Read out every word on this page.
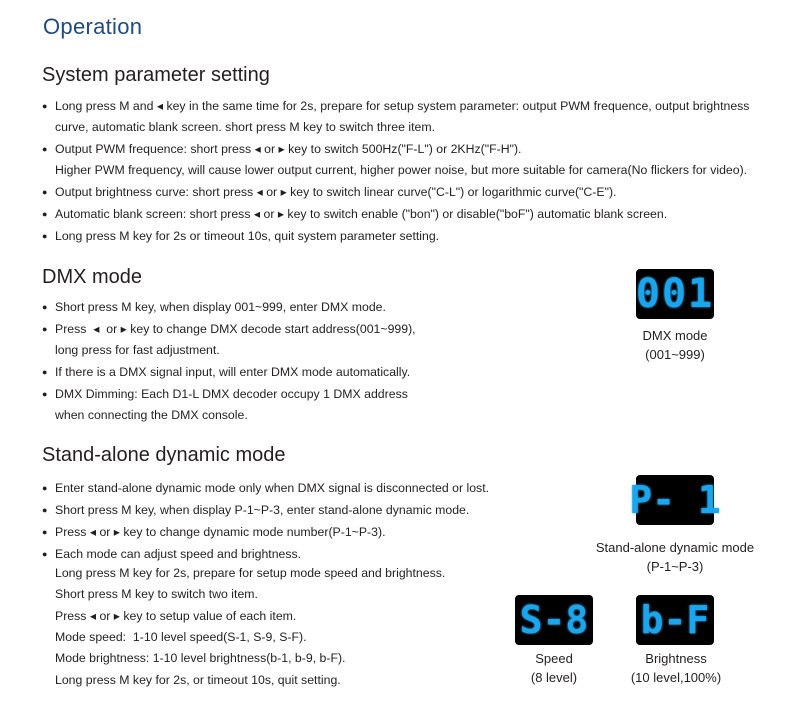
Operation
System parameter setting
● Long press M and ◂ key in the same time for 2s, prepare for setup system parameter: output PWM frequence, output brightness
curve, automatic blank screen. short press M key to switch three item.
● Output PWM frequence: short press ◂ or ▸ key to switch 500Hz("F-L") or 2KHz("F-H").
Higher PWM frequency, will cause lower output current, higher power noise, but more suitable for camera(No flickers for video).
● Output brightness curve: short press ◂ or ▸ key to switch linear curve("C-L") or logarithmic curve("C-E").
● Automatic blank screen: short press ◂ or ▸ key to switch enable ("bon") or disable("boF") automatic blank screen.
● Long press M key for 2s or timeout 10s, quit system parameter setting.
DMX mode
● Short press M key, when display 001~999, enter DMX mode.
● Press  ◂  or ▸ key to change DMX decode start address(001~999),
long press for fast adjustment.
● If there is a DMX signal input, will enter DMX mode automatically.
● DMX Dimming: Each D1-L DMX decoder occupy 1 DMX address
when connecting the DMX console.
001
DMX mode
(001~999)
Stand-alone dynamic mode
● Enter stand-alone dynamic mode only when DMX signal is disconnected or lost.
● Short press M key, when display P-1~P-3, enter stand-alone dynamic mode.
● Press ◂ or ▸ key to change dynamic mode number(P-1~P-3).
● Each mode can adjust speed and brightness.
Long press M key for 2s, prepare for setup mode speed and brightness.
Short press M key to switch two item.
Press ◂ or ▸ key to setup value of each item.
Mode speed:  1-10 level speed(S-1, S-9, S-F).
Mode brightness: 1-10 level brightness(b-1, b-9, b-F).
Long press M key for 2s, or timeout 10s, quit setting.
P- 1
Stand-alone dynamic mode
(P-1~P-3)
S-8
Speed
(8 level)
b-F
Brightness
(10 level,100%)
